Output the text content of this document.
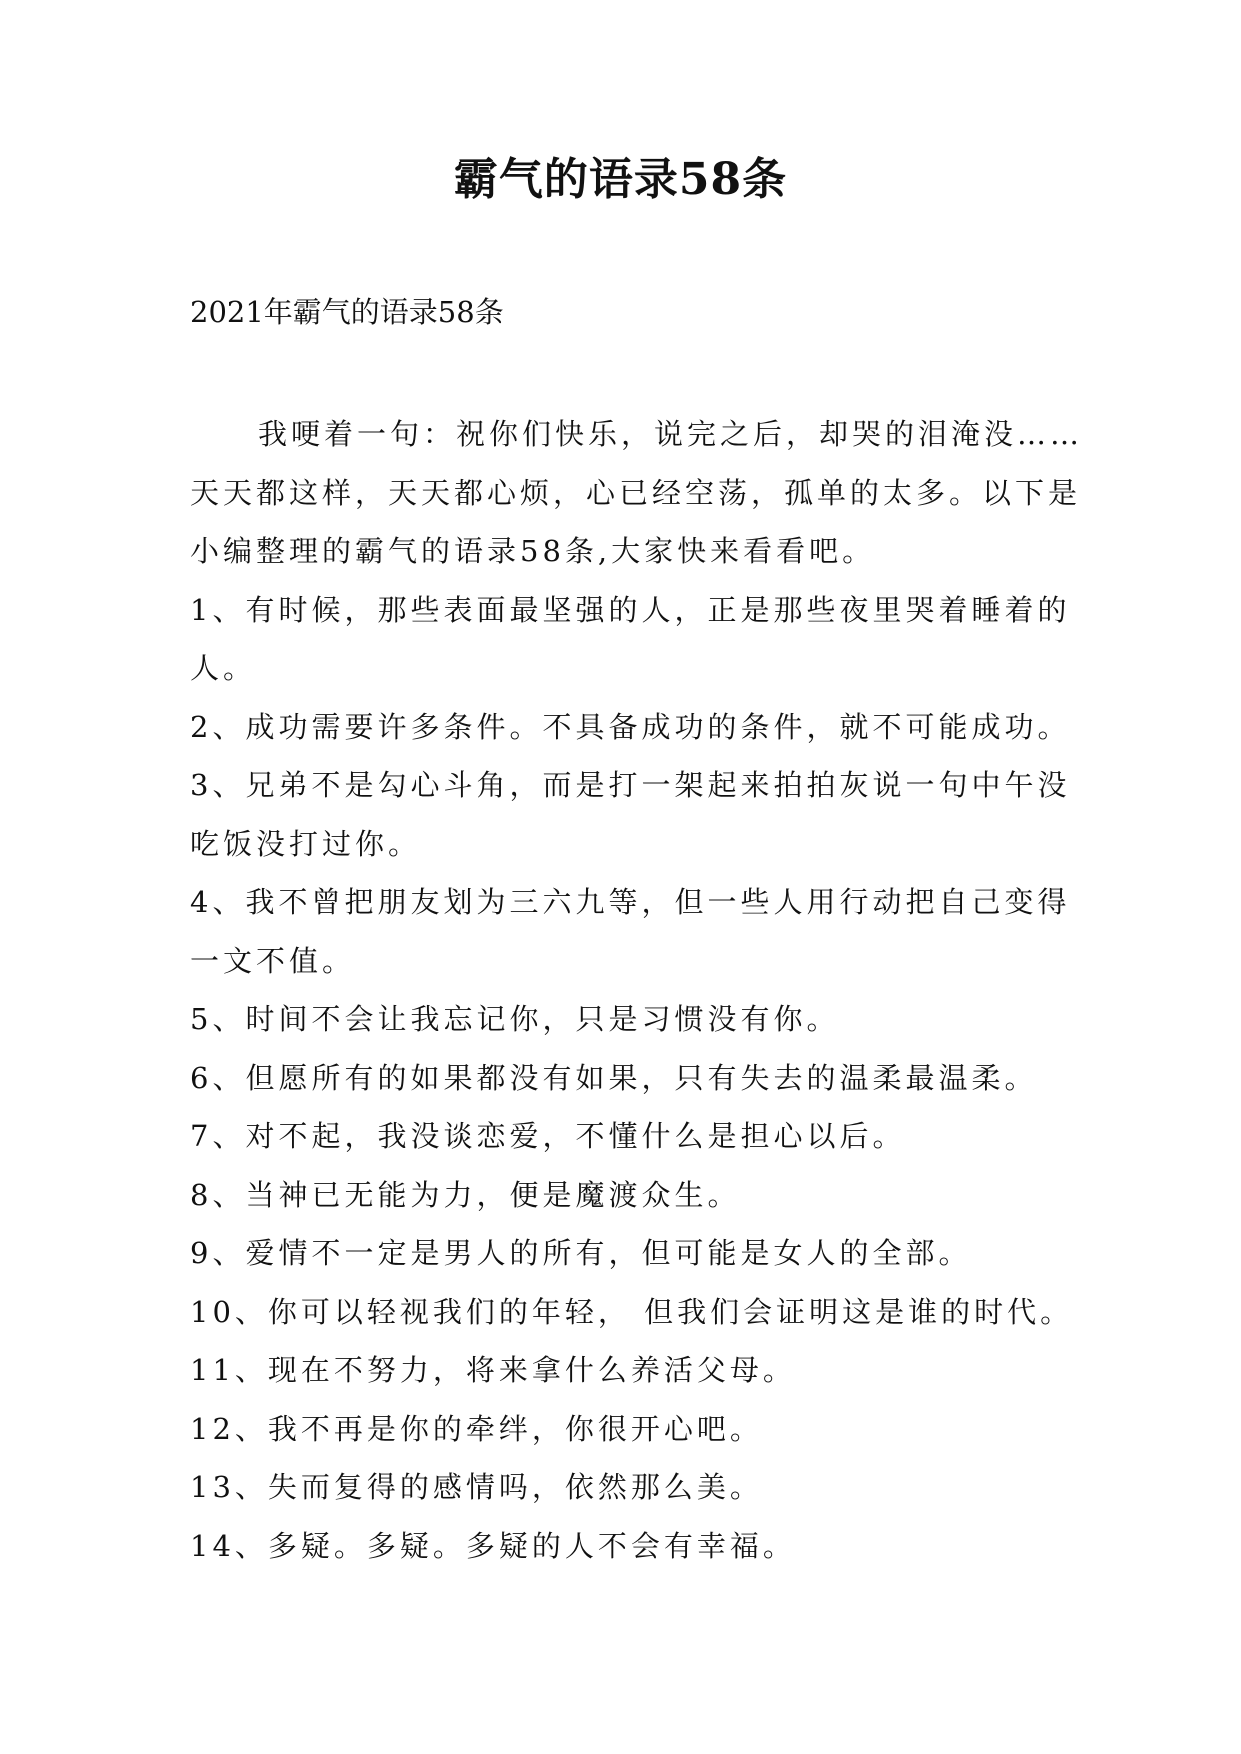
霸气的语录58条
2021年霸气的语录58条

我哽着一句：祝你们快乐，说完之后，却哭的泪淹没……天天都这样，天天都心烦，心已经空荡，孤单的太多。以下是小编整理的霸气的语录58条,大家快来看看吧。

1、有时候，那些表面最坚强的人，正是那些夜里哭着睡着的人。

2、成功需要许多条件。不具备成功的条件，就不可能成功。

3、兄弟不是勾心斗角，而是打一架起来拍拍灰说一句中午没吃饭没打过你。

4、我不曾把朋友划为三六九等，但一些人用行动把自己变得一文不值。

5、时间不会让我忘记你，只是习惯没有你。

6、但愿所有的如果都没有如果，只有失去的温柔最温柔。

7、对不起，我没谈恋爱，不懂什么是担心以后。

8、当神已无能为力，便是魔渡众生。

9、爱情不一定是男人的所有，但可能是女人的全部。

10、你可以轻视我们的年轻， 但我们会证明这是谁的时代。

11、现在不努力，将来拿什么养活父母。

12、我不再是你的牵绊，你很开心吧。

13、失而复得的感情吗，依然那么美。

14、多疑。多疑。多疑的人不会有幸福。
